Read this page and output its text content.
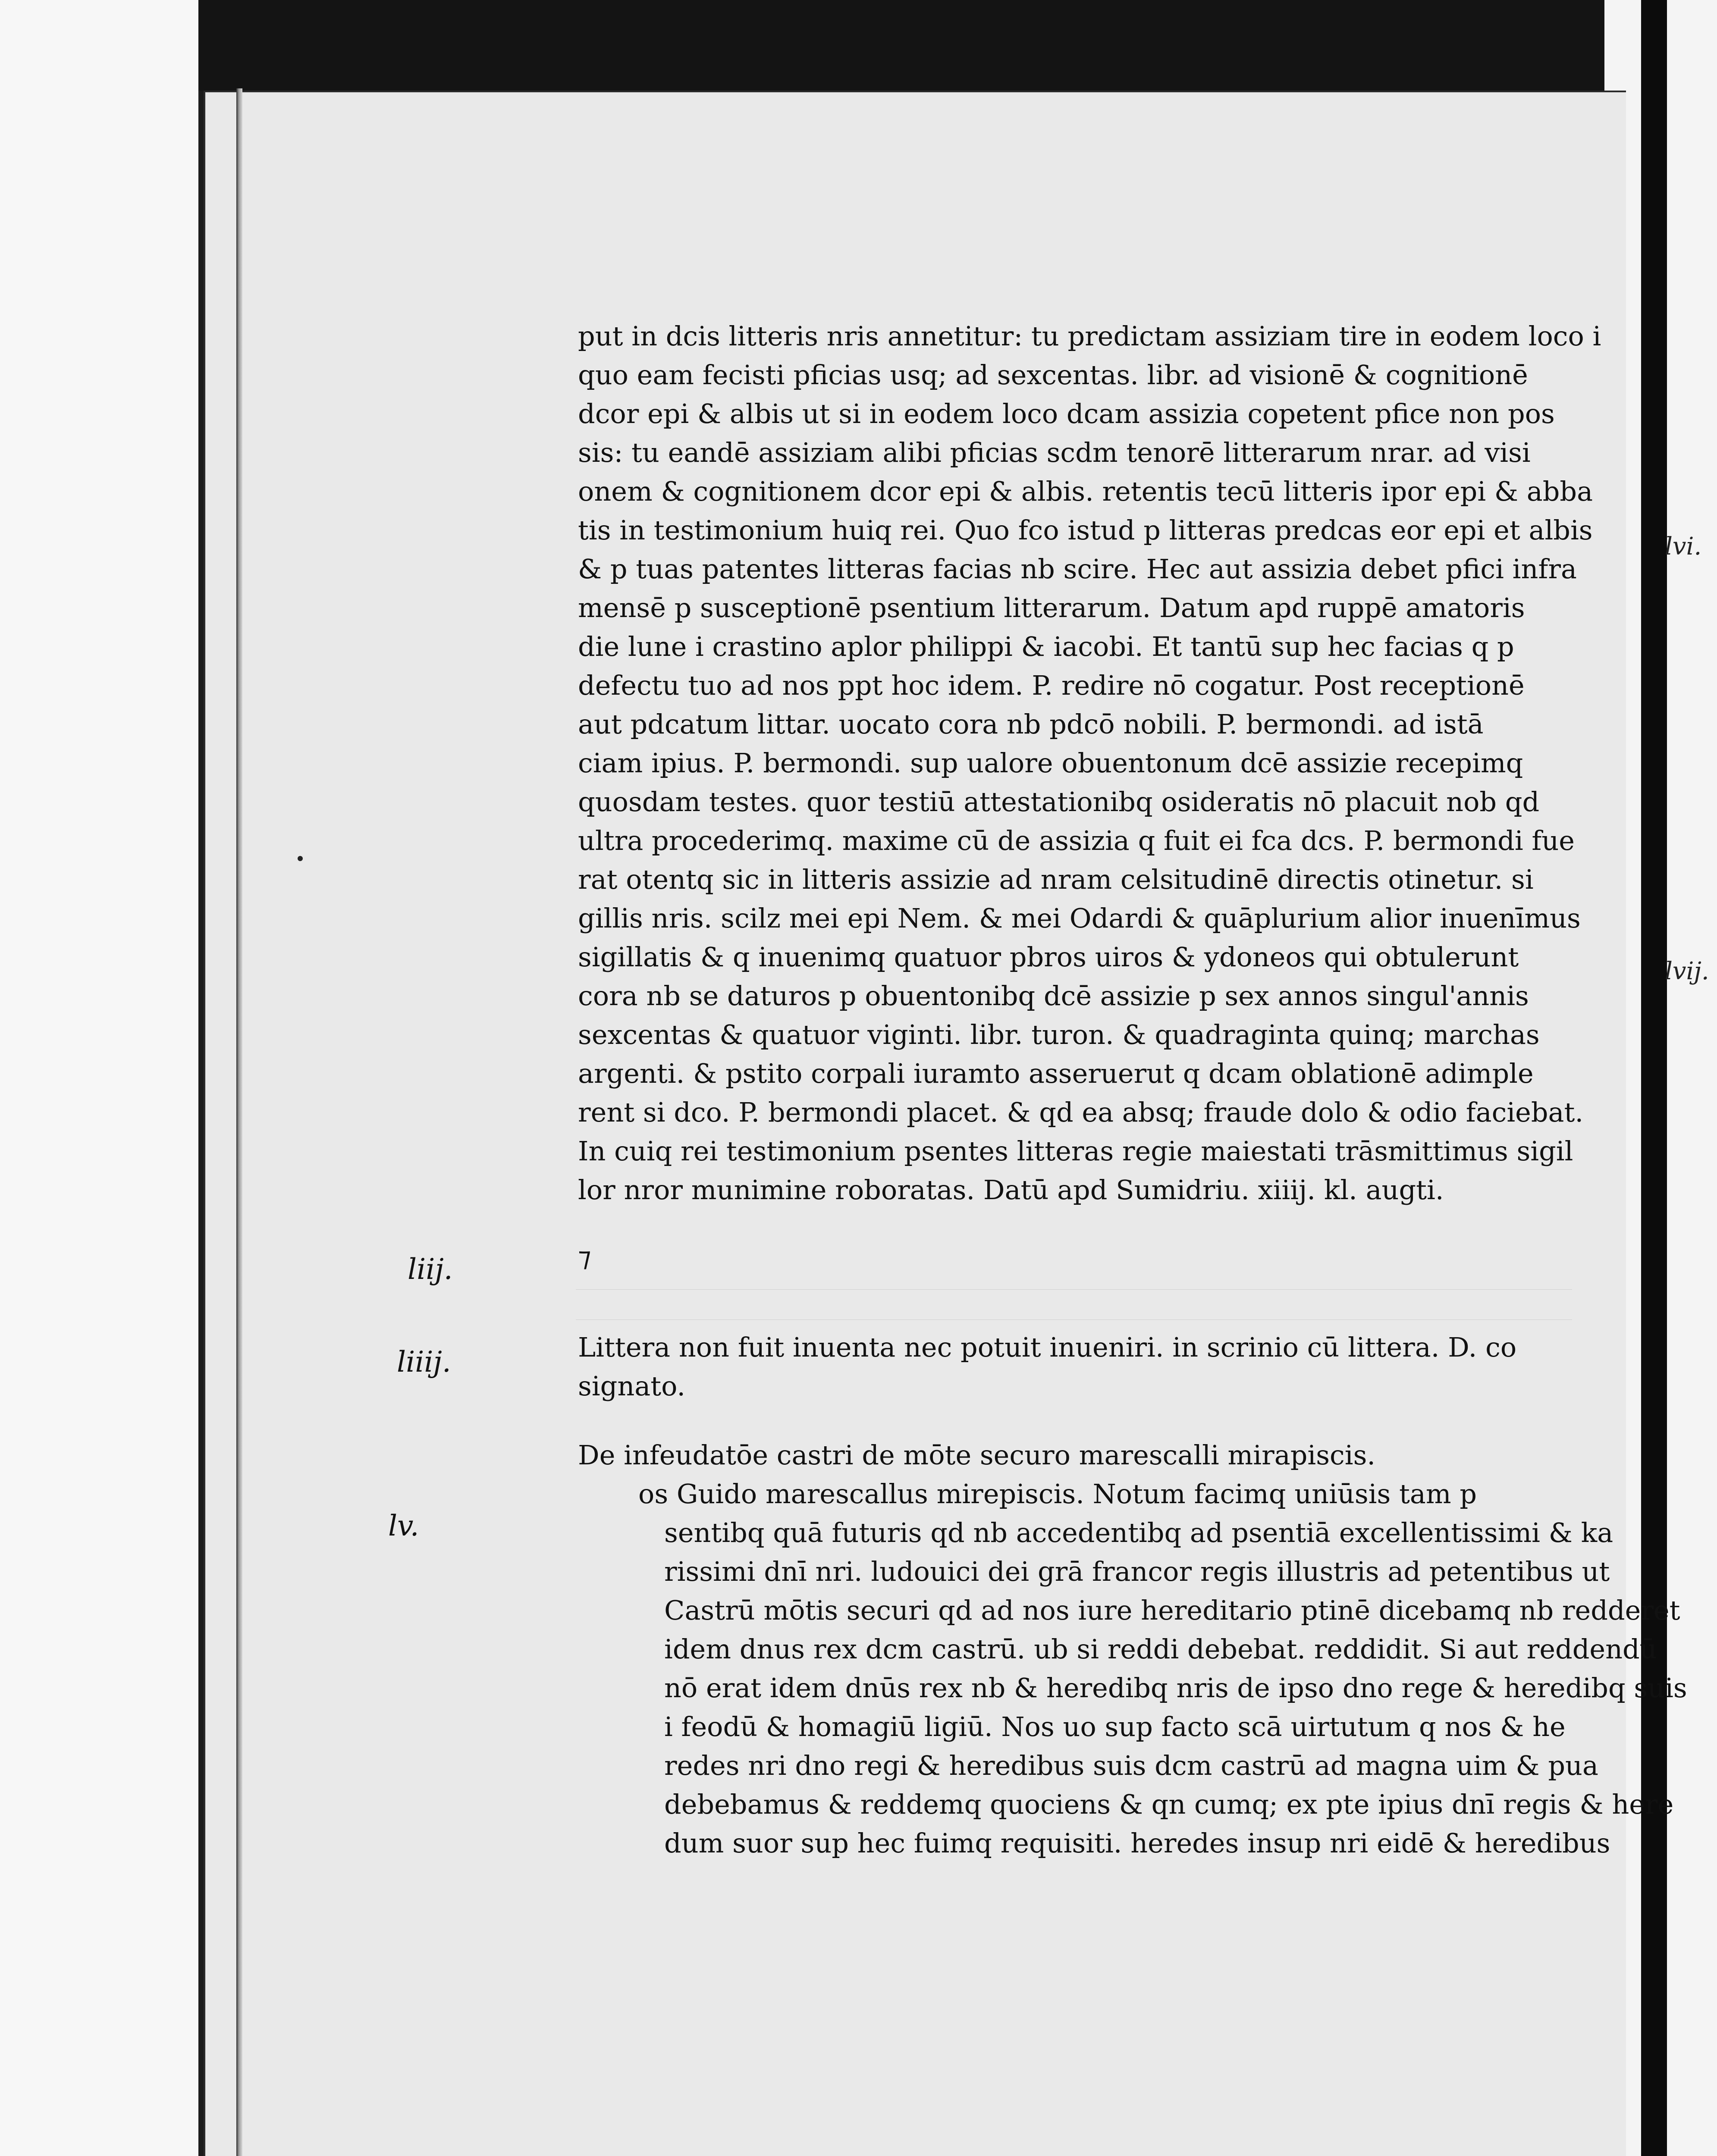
lvi.
lvij.
put in dcis litteris nris annetitur: tu predictam assiziam tire in eodem loco i
quo eam fecisti pficias usq; ad sexcentas. libr. ad visionē & cognitionē
dcor epi & albis ut si in eodem loco dcam assizia copetent pfice non pos
sis: tu eandē assiziam alibi pficias scdm tenorē litterarum nrar. ad visi
onem & cognitionem dcor epi & albis. retentis tecū litteris ipor epi & abba
tis in testimonium huiq rei. Quo fco istud p litteras predcas eor epi et albis
& p tuas patentes litteras facias nb scire. Hec aut assizia debet pfici infra
mensē p susceptionē psentium litterarum. Datum apd ruppē amatoris
die lune i crastino aplor philippi & iacobi. Et tantū sup hec facias q p
defectu tuo ad nos ppt hoc idem. P. redire nō cogatur. Post receptionē
aut pdcatum littar. uocato cora nb pdcō nobili. P. bermondi. ad istā
ciam ipius. P. bermondi. sup ualore obuentonum dcē assizie recepimq
quosdam testes. quor testiū attestationibq osideratis nō placuit nob qd
ultra procederimq. maxime cū de assizia q fuit ei fca dcs. P. bermondi fue
rat otentq sic in litteris assizie ad nram celsitudinē directis otinetur. si
gillis nris. scilz mei epi Nem. & mei Odardi & quāplurium alior inuenīmus
sigillatis & q inuenimq quatuor pbros uiros & ydoneos qui obtulerunt
cora nb se daturos p obuentonibq dcē assizie p sex annos singul'annis
sexcentas & quatuor viginti. libr. turon. & quadraginta quinq; marchas
argenti. & pstito corpali iuramto asseruerut q dcam oblationē adimple
rent si dco. P. bermondi placet. & qd ea absq; fraude dolo & odio faciebat.
In cuiq rei testimonium psentes litteras regie maiestati trāsmittimus sigil
lor nror munimine roboratas. Datū apd Sumidriu. xiiij. kl. augti.
⁊
Littera non fuit inuenta nec potuit inueniri. in scrinio cū littera. D. co
signato.
De infeudatōe castri de mōte securo marescalli mirapiscis.
os Guido marescallus mirepiscis. Notum facimq uniūsis tam p
sentibq quā futuris qd nb accedentibq ad psentiā excellentissimi & ka
rissimi dnī nri. ludouici dei grā francor regis illustris ad petentibus ut
Castrū mōtis securi qd ad nos iure hereditario ptinē dicebamq nb redderet
idem dnus rex dcm castrū. ub si reddi debebat. reddidit. Si aut reddendū
nō erat idem dnūs rex nb & heredibq nris de ipso dno rege & heredibq suis
i feodū & homagiū ligiū. Nos uo sup facto scā uirtutum q nos & he
redes nri dno regi & heredibus suis dcm castrū ad magna uim & pua
debebamus & reddemq quociens & qn cumq; ex pte ipius dnī regis & here
dum suor sup hec fuimq requisiti. heredes insup nri eidē & heredibus
liij.
liiij.
lv.
